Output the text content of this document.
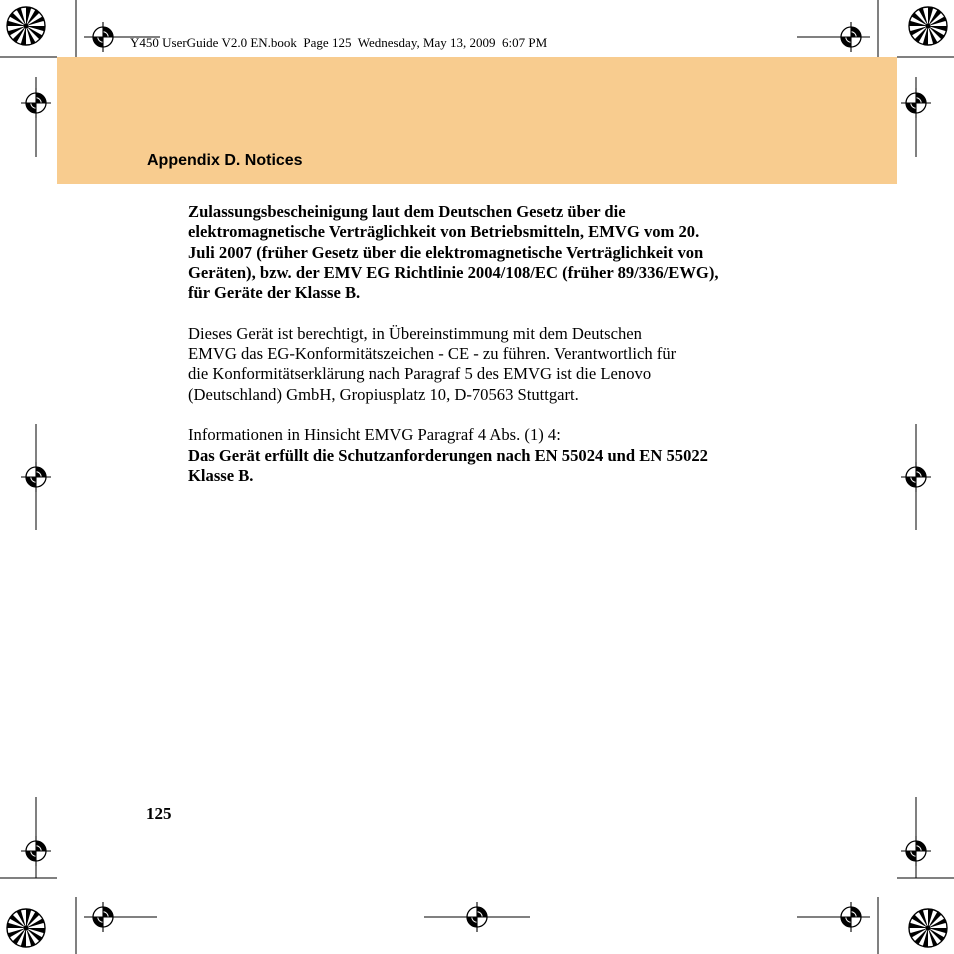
Y450 UserGuide V2.0 EN.book  Page 125  Wednesday, May 13, 2009  6:07 PM
Appendix D. Notices

Zulassungsbescheinigung laut dem Deutschen Gesetz über die

elektromagnetische Verträglichkeit von Betriebsmitteln, EMVG vom 20.

Juli 2007 (früher Gesetz über die elektromagnetische Verträglichkeit von

Geräten), bzw. der EMV EG Richtlinie 2004/108/EC (früher 89/336/EWG),

für Geräte der Klasse B.

Dieses Gerät ist berechtigt, in Übereinstimmung mit dem Deutschen

EMVG das EG-Konformitätszeichen - CE - zu führen. Verantwortlich für

die Konformitätserklärung nach Paragraf 5 des EMVG ist die Lenovo

(Deutschland) GmbH, Gropiusplatz 10, D-70563 Stuttgart.

Informationen in Hinsicht EMVG Paragraf 4 Abs. (1) 4:

Das Gerät erfüllt die Schutzanforderungen nach EN 55024 und EN 55022

Klasse B.

125
